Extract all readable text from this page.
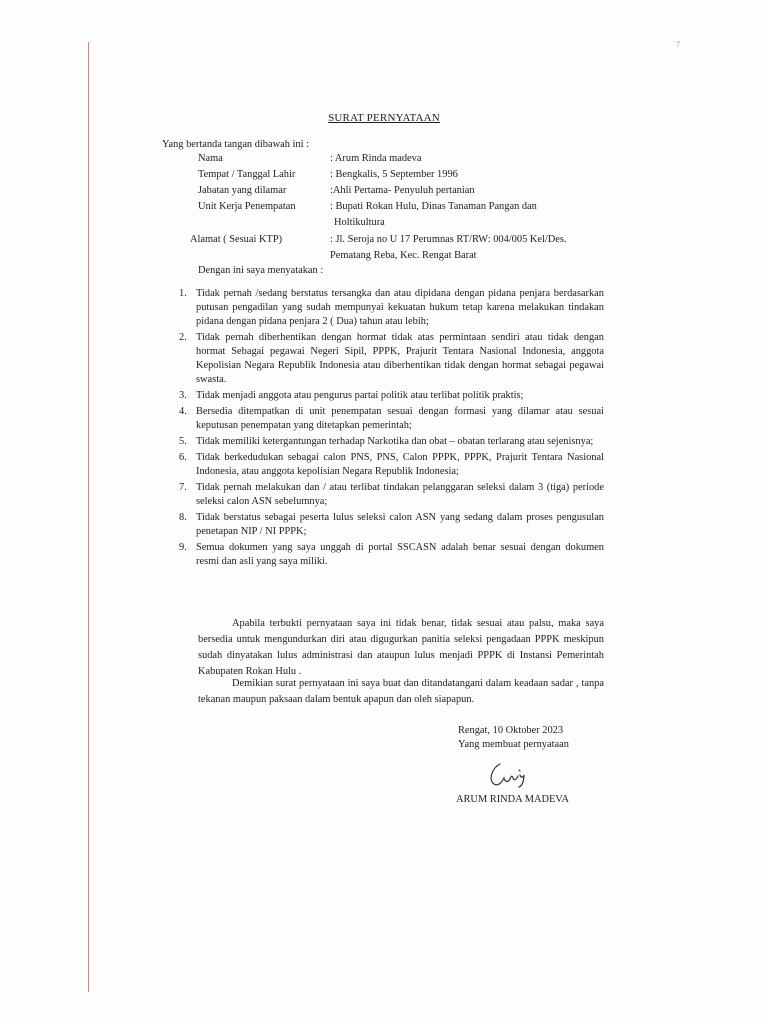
7
SURAT PERNYATAAN
Yang bertanda tangan dibawah ini :
Nama	: Arum Rinda madeva
Tempat / Tanggal Lahir	: Bengkalis, 5 September 1996
Jabatan yang dilamar	:Ahli Pertama- Penyuluh pertanian
Unit Kerja Penempatan	: Bupati Rokan Hulu, Dinas Tanaman Pangan dan
Holtikultura
Alamat ( Sesuai KTP)	: Jl. Seroja no U 17 Perumnas RT/RW: 004/005 Kel/Des.
Pematang Reba, Kec. Rengat Barat
Dengan ini saya menyatakan :
1. Tidak pernah /sedang berstatus tersangka dan atau dipidana dengan pidana penjara berdasarkan putusan pengadilan yang sudah mempunyai kekuatan hukum tetap karena melakukan tindakan pidana dengan pidana penjara 2 ( Dua) tahun atau lebih;
2. Tidak pernah diberhentikan dengan hormat tidak atas permintaan sendiri atau tidak dengan hormat Sebagai pegawai Negeri Sipil, PPPK, Prajurit Tentara Nasional Indonesia, anggota Kepolisian Negara Republik Indonesia atau diberhentikan tidak dengan hormat sebagai pegawai swasta.
3. Tidak menjadi anggota atau pengurus partai politik atau terlibat politik praktis;
4. Bersedia ditempatkan di unit penempatan sesuai dengan formasi yang dilamar atau sesuai keputusan penempatan yang ditetapkan pemerintah;
5. Tidak memiliki ketergantungan terhadap Narkotika dan obat – obatan terlarang atau sejenisnya;
6. Tidak berkedudukan sebagai calon PNS, PNS, Calon PPPK, PPPK, Prajurit Tentara Nasional Indonesia, atau anggota kepolisian Negara Republik Indonesia;
7. Tidak pernah melakukan dan / atau terlibat tindakan pelanggaran seleksi dalam 3 (tiga) periode seleksi calon ASN sebelumnya;
8. Tidak berstatus sebagai peserta lulus seleksi calon ASN yang sedang dalam proses pengusulan penetapan NIP / NI PPPK;
9. Semua dokumen yang saya unggah di portal SSCASN adalah benar sesuai dengan dokumen resmi dan asli yang saya miliki.
Apabila terbukti pernyataan saya ini tidak benar, tidak sesuai atau palsu, maka saya bersedia untuk mengundurkan diri atau digugurkan panitia seleksi pengadaan PPPK meskipun sudah dinyatakan lulus administrasi dan ataupun lulus menjadi PPPK di Instansi Pemerintah Kabupaten Rokan Hulu .
Demikian surat pernyataan ini saya buat dan ditandatangani dalam keadaan sadar , tanpa tekanan maupun paksaan dalam bentuk apapun dan oleh siapapun.
Rengat, 10 Oktober 2023
Yang membuat pernyataan
ARUM RINDA MADEVA
